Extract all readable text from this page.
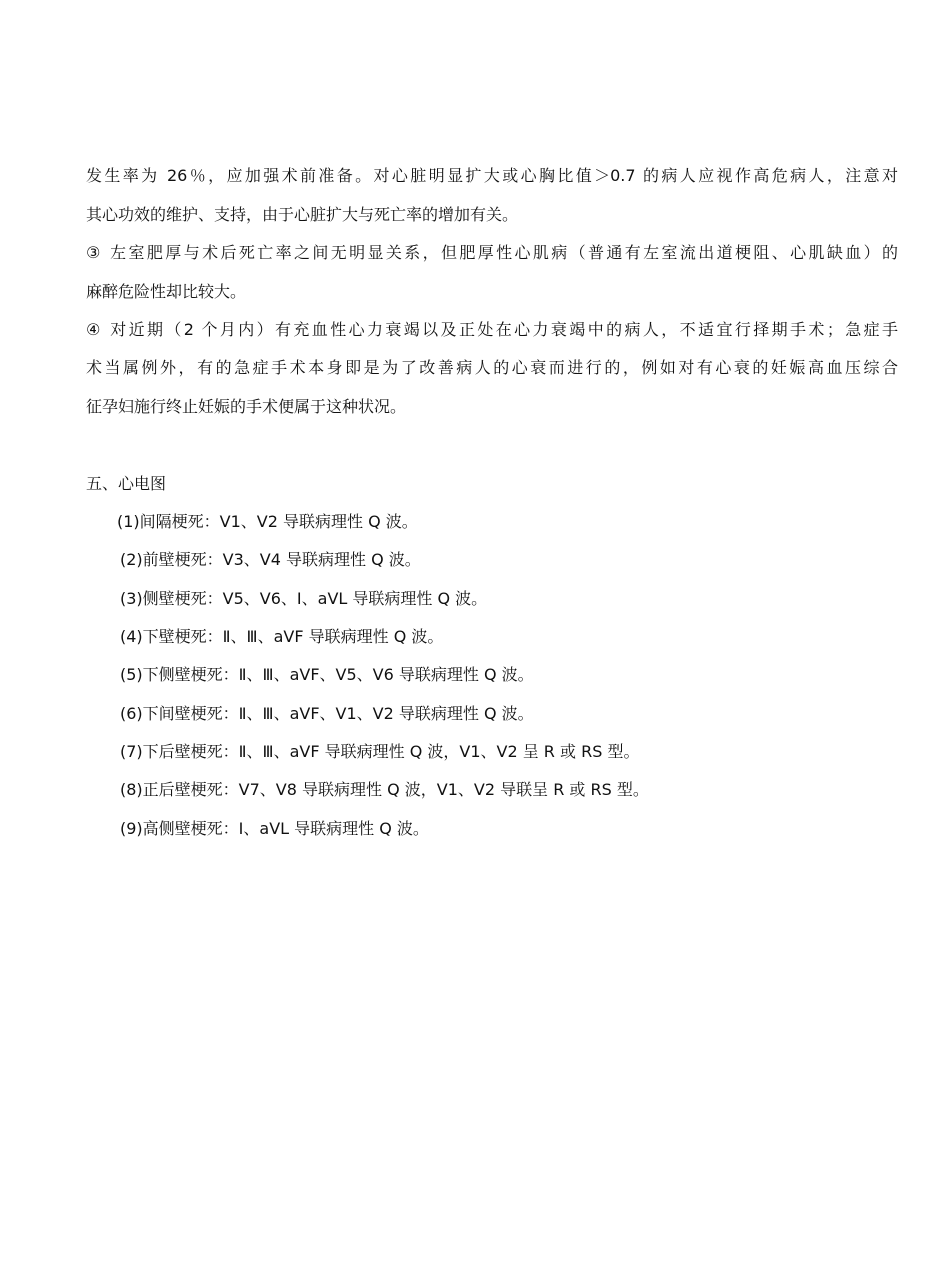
发生率为 26％，应加强术前准备。对心脏明显扩大或心胸比值＞0.7 的病人应视作高危病人，注意对
其心功效的维护、支持，由于心脏扩大与死亡率的增加有关。
③ 左室肥厚与术后死亡率之间无明显关系，但肥厚性心肌病（普通有左室流出道梗阻、心肌缺血）的
麻醉危险性却比较大。
④ 对近期（2 个月内）有充血性心力衰竭以及正处在心力衰竭中的病人，不适宜行择期手术；急症手
术当属例外，有的急症手术本身即是为了改善病人的心衰而进行的，例如对有心衰的妊娠高血压综合
征孕妇施行终止妊娠的手术便属于这种状况。
五、心电图
(1)间隔梗死：V1、V2 导联病理性 Q 波。
(2)前壁梗死：V3、V4 导联病理性 Q 波。
(3)侧壁梗死：V5、V6、Ⅰ、aVL 导联病理性 Q 波。
(4)下壁梗死：Ⅱ、Ⅲ、aVF 导联病理性 Q 波。
(5)下侧壁梗死：Ⅱ、Ⅲ、aVF、V5、V6 导联病理性 Q 波。
(6)下间壁梗死：Ⅱ、Ⅲ、aVF、V1、V2 导联病理性 Q 波。
(7)下后壁梗死：Ⅱ、Ⅲ、aVF 导联病理性 Q 波，V1、V2 呈 R 或 RS 型。
(8)正后壁梗死：V7、V8 导联病理性 Q 波，V1、V2 导联呈 R 或 RS 型。
(9)高侧壁梗死：Ⅰ、aVL 导联病理性 Q 波。
